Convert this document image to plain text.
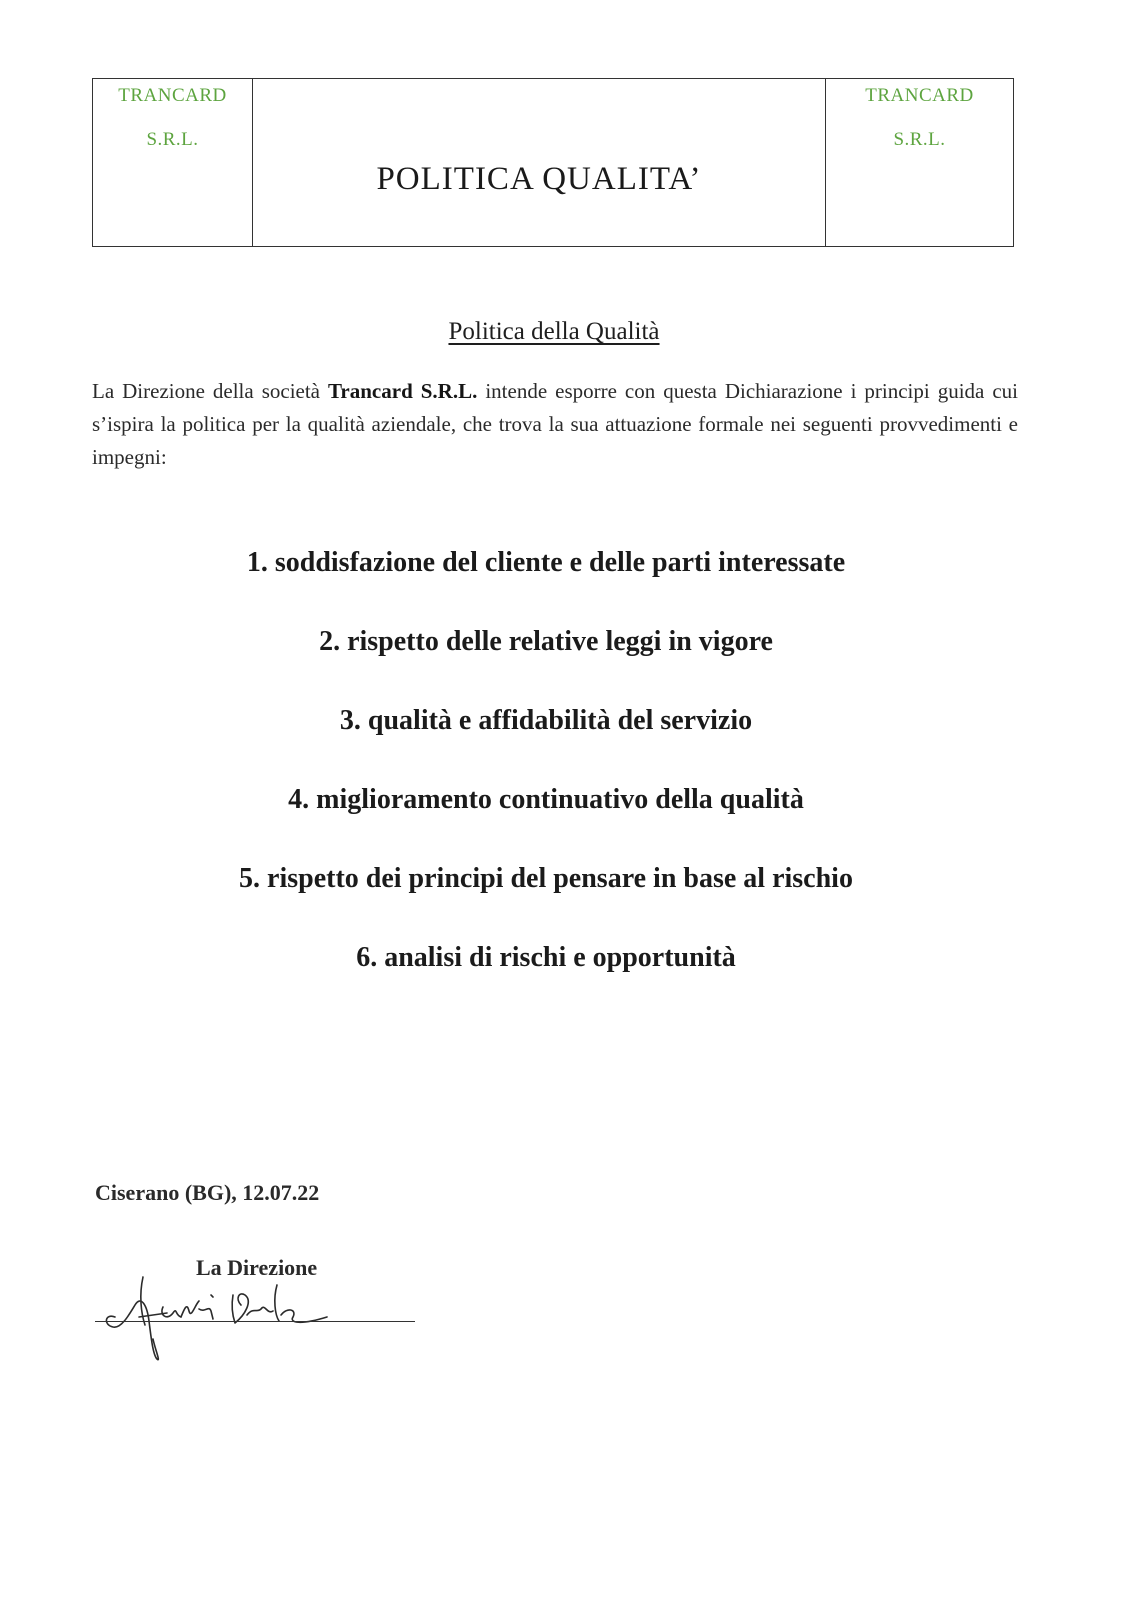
TRANCARD
S.R.L.
POLITICA QUALITA’
TRANCARD
S.R.L.
Politica della Qualità
La Direzione della società Trancard S.R.L. intende esporre con questa Dichiarazione i principi guida cui s’ispira la politica per la qualità aziendale, che trova la sua attuazione formale nei seguenti provvedimenti e impegni:
1. soddisfazione del cliente e delle parti interessate
2. rispetto delle relative leggi in vigore
3. qualità e affidabilità del servizio
4. miglioramento continuativo della qualità
5. rispetto dei principi del pensare in base al rischio
6. analisi di rischi e opportunità
Ciserano (BG), 12.07.22
La Direzione
